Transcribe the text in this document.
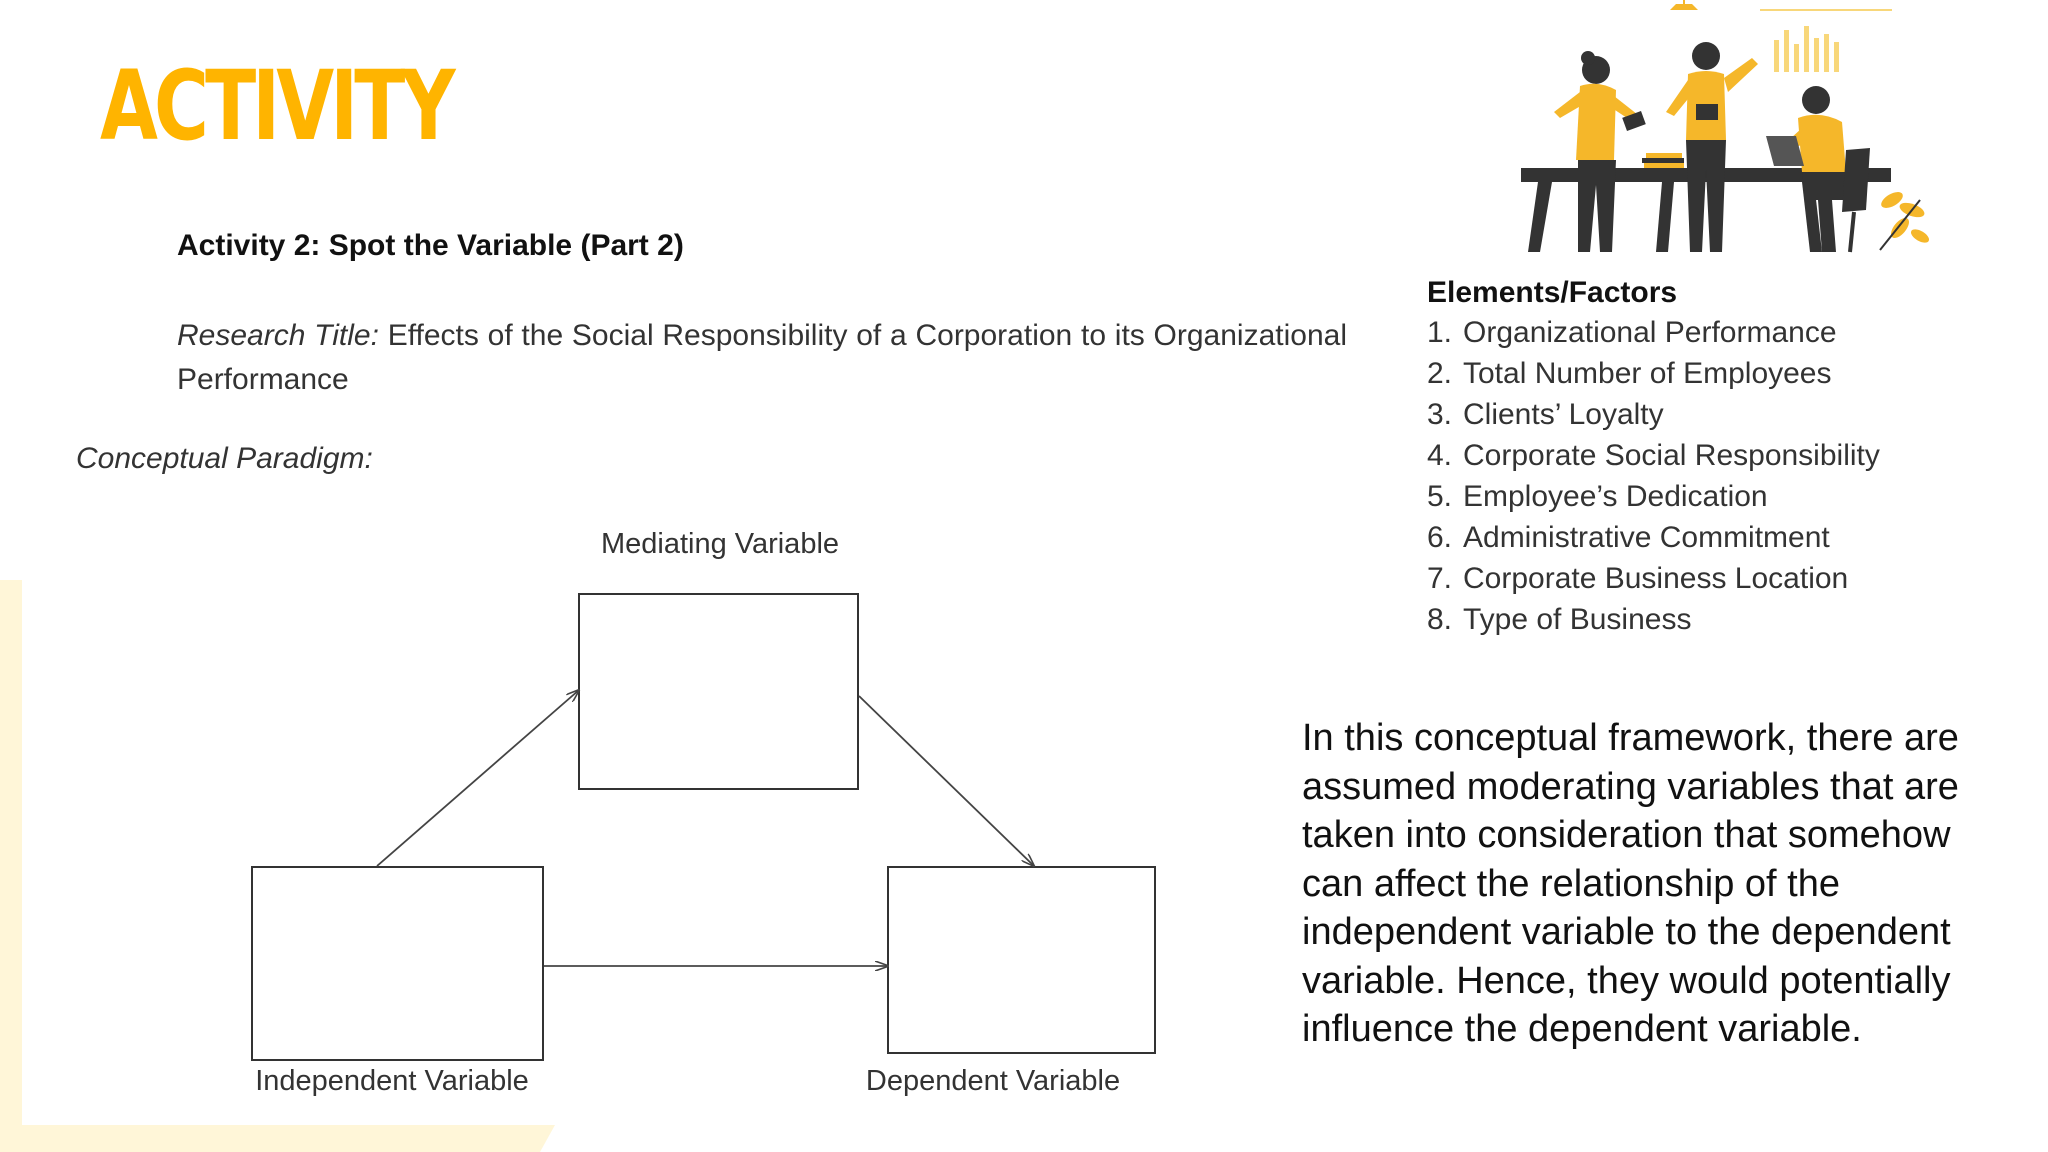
ACTIVITY
Activity 2: Spot the Variable (Part 2)
Research Title: Effects of the Social Responsibility of a Corporation to its Organizational Performance
Conceptual Paradigm:
Mediating Variable
Independent Variable	Dependent Variable
Elements/Factors
1. Organizational Performance
2. Total Number of Employees
3. Clients’ Loyalty
4. Corporate Social Responsibility
5. Employee’s Dedication
6. Administrative Commitment
7. Corporate Business Location
8. Type of Business
In this conceptual framework, there are assumed moderating variables that are taken into consideration that somehow can affect the relationship of the independent variable to the dependent variable. Hence, they would potentially influence the dependent variable.
